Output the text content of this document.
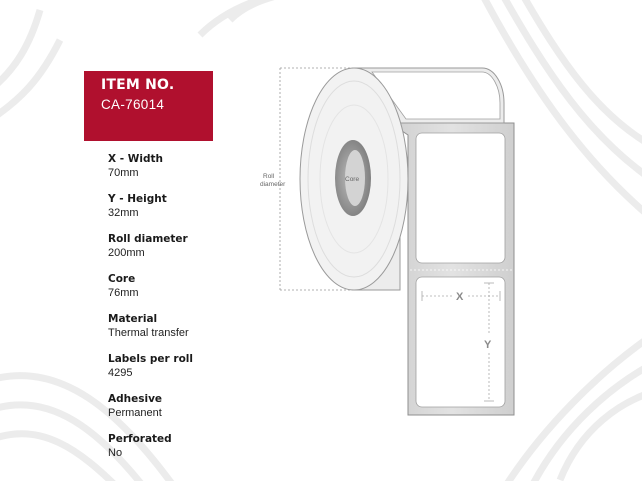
ITEM NO.
CA-76014
X - Width
70mm
Y - Height
32mm
Roll diameter
200mm
Core
76mm
Material
Thermal transfer
Labels per roll
4295
Adhesive
Permanent
Perforated
No
Roll
diameter
Core
X
Y
